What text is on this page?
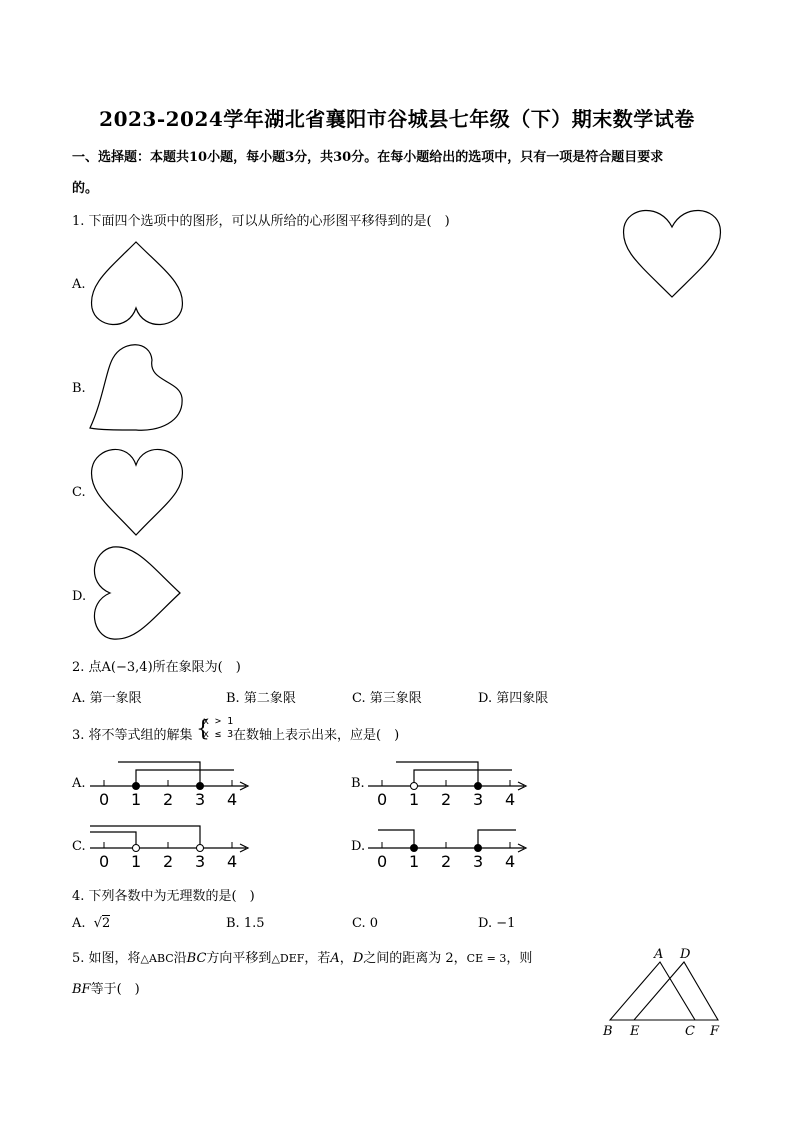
2023-2024学年湖北省襄阳市谷城县七年级（下）期末数学试卷
一、选择题：本题共10小题，每小题3分，共30分。在每小题给出的选项中，只有一项是符合题目要求
的。
1. 下面四个选项中的图形，可以从所给的心形图平移得到的是(　)
A.
B.
C.
D.
2. 点A(−3,4)所在象限为(　)
A. 第一象限	B. 第二象限	C. 第三象限	D. 第四象限
3. 将不等式组的解集 {
x > 1
x ≤ 3 在数轴上表示出来，应是(　)
A.
0 1 2 3 4
B.
0 1 2 3 4
C.
0 1 2 3 4
D.
0 1 2 3 4
4. 下列各数中为无理数的是(　)
A. √2	B. 1.5	C. 0	D. −1
5. 如图，将△ABC沿BC方向平移到△DEF，若A，D之间的距离为 2，CE = 3，则
BF等于(　)
A D
B E	C F
